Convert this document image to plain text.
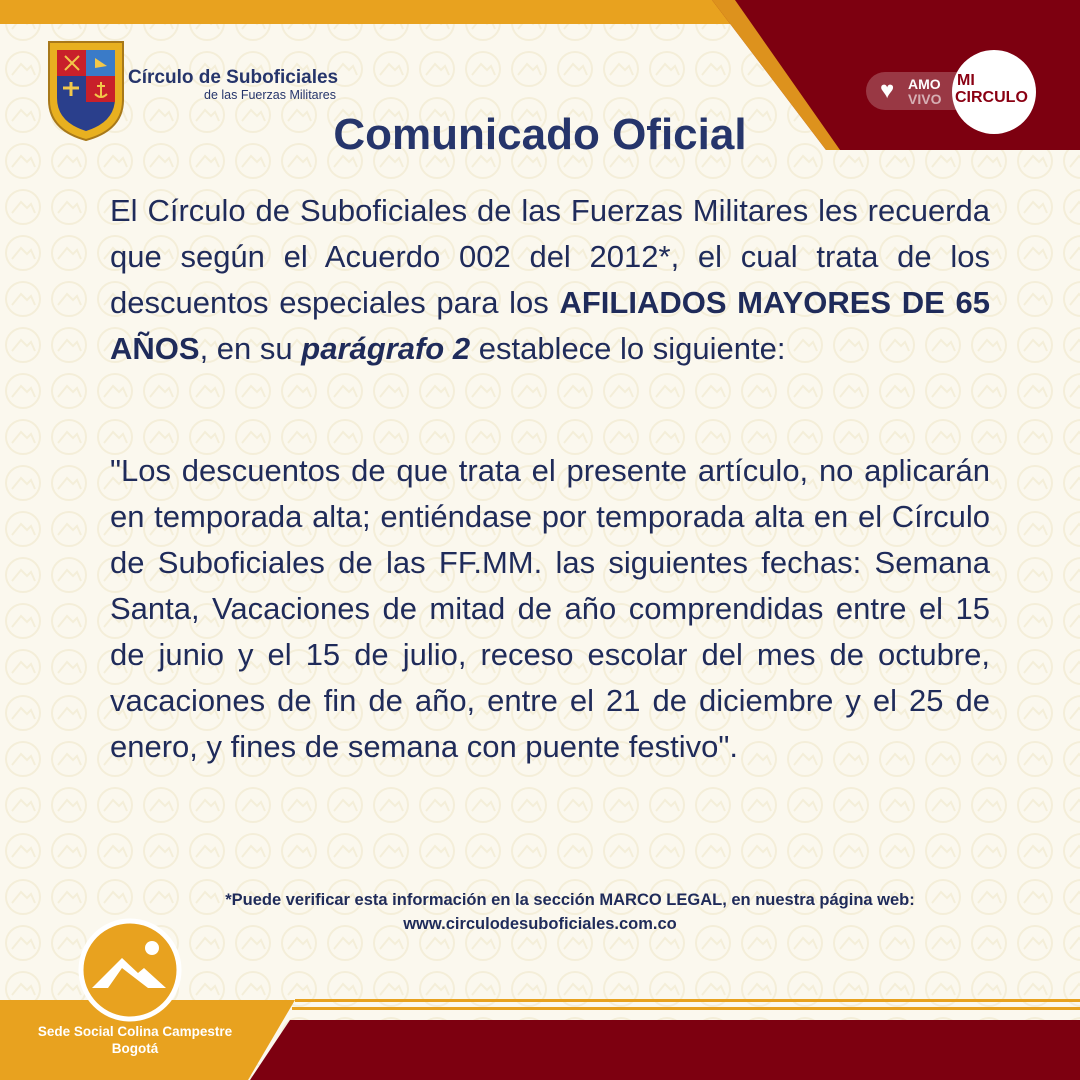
Círculo de Suboficiales
de las Fuerzas Militares	♥ AMO
VIVO
MI
CIRCULO
Comunicado Oficial
El Círculo de Suboficiales de las Fuerzas Militares les recuerda que según el Acuerdo 002 del 2012*, el cual trata de los descuentos especiales para los AFILIADOS MAYORES DE 65 AÑOS, en su parágrafo 2 establece lo siguiente:
"Los descuentos de que trata el presente artículo, no aplicarán en temporada alta; entiéndase por temporada alta en el Círculo de Suboficiales de las FF.MM. las siguientes fechas: Semana Santa, Vacaciones de mitad de año comprendidas entre el 15 de junio y el 15 de julio, receso escolar del mes de octubre, vacaciones de fin de año, entre el 21 de diciembre y el 25 de enero, y fines de semana con puente festivo".
*Puede verificar esta información en la sección MARCO LEGAL, en nuestra página web:
www.circulodesuboficiales.com.co
Sede Social Colina Campestre
Bogotá
